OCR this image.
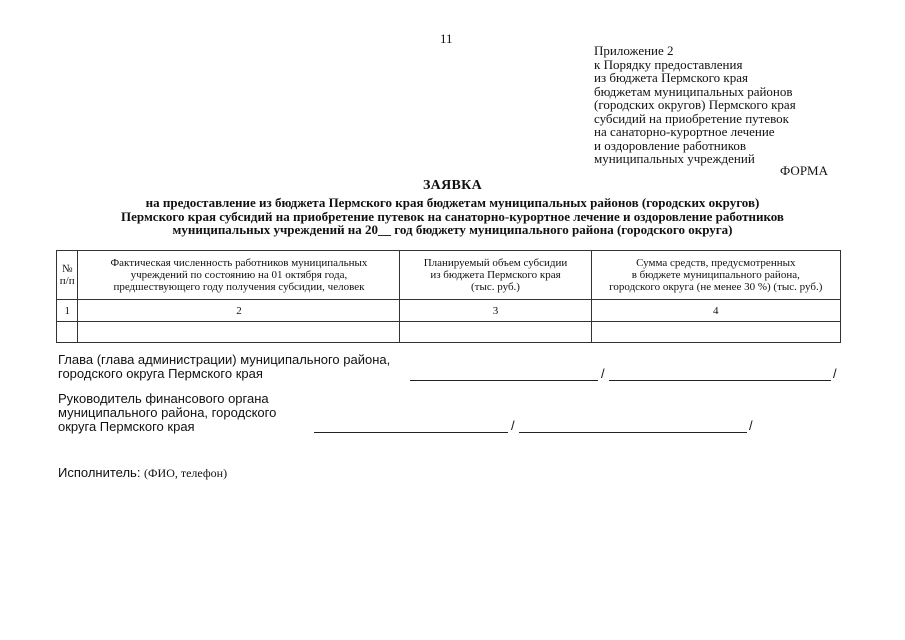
11
Приложение 2
к Порядку предоставления
из бюджета Пермского края
бюджетам муниципальных районов
(городских округов) Пермского края
субсидий на приобретение путевок
на санаторно-курортное лечение
и оздоровление работников
муниципальных учреждений
ФОРМА
ЗАЯВКА
на предоставление из бюджета Пермского края бюджетам муниципальных районов (городских округов)
Пермского края субсидий на приобретение путевок на санаторно-курортное лечение и оздоровление работников
муниципальных учреждений на 20__ год бюджету муниципального района (городского округа)
№
п/п	Фактическая численность работников муниципальных
учреждений по состоянию на 01 октября года,
предшествующего году получения субсидии, человек	Планируемый объем субсидии
из бюджета Пермского края
(тыс. руб.)	Сумма средств, предусмотренных
в бюджете муниципального района,
городского округа (не менее 30 %) (тыс. руб.)
1	2	3	4

Глава (глава администрации) муниципального района,
городского округа Пермского края	/	/
Руководитель финансового органа
муниципального района, городского
округа Пермского края	/	/
Исполнитель: (ФИО, телефон)
